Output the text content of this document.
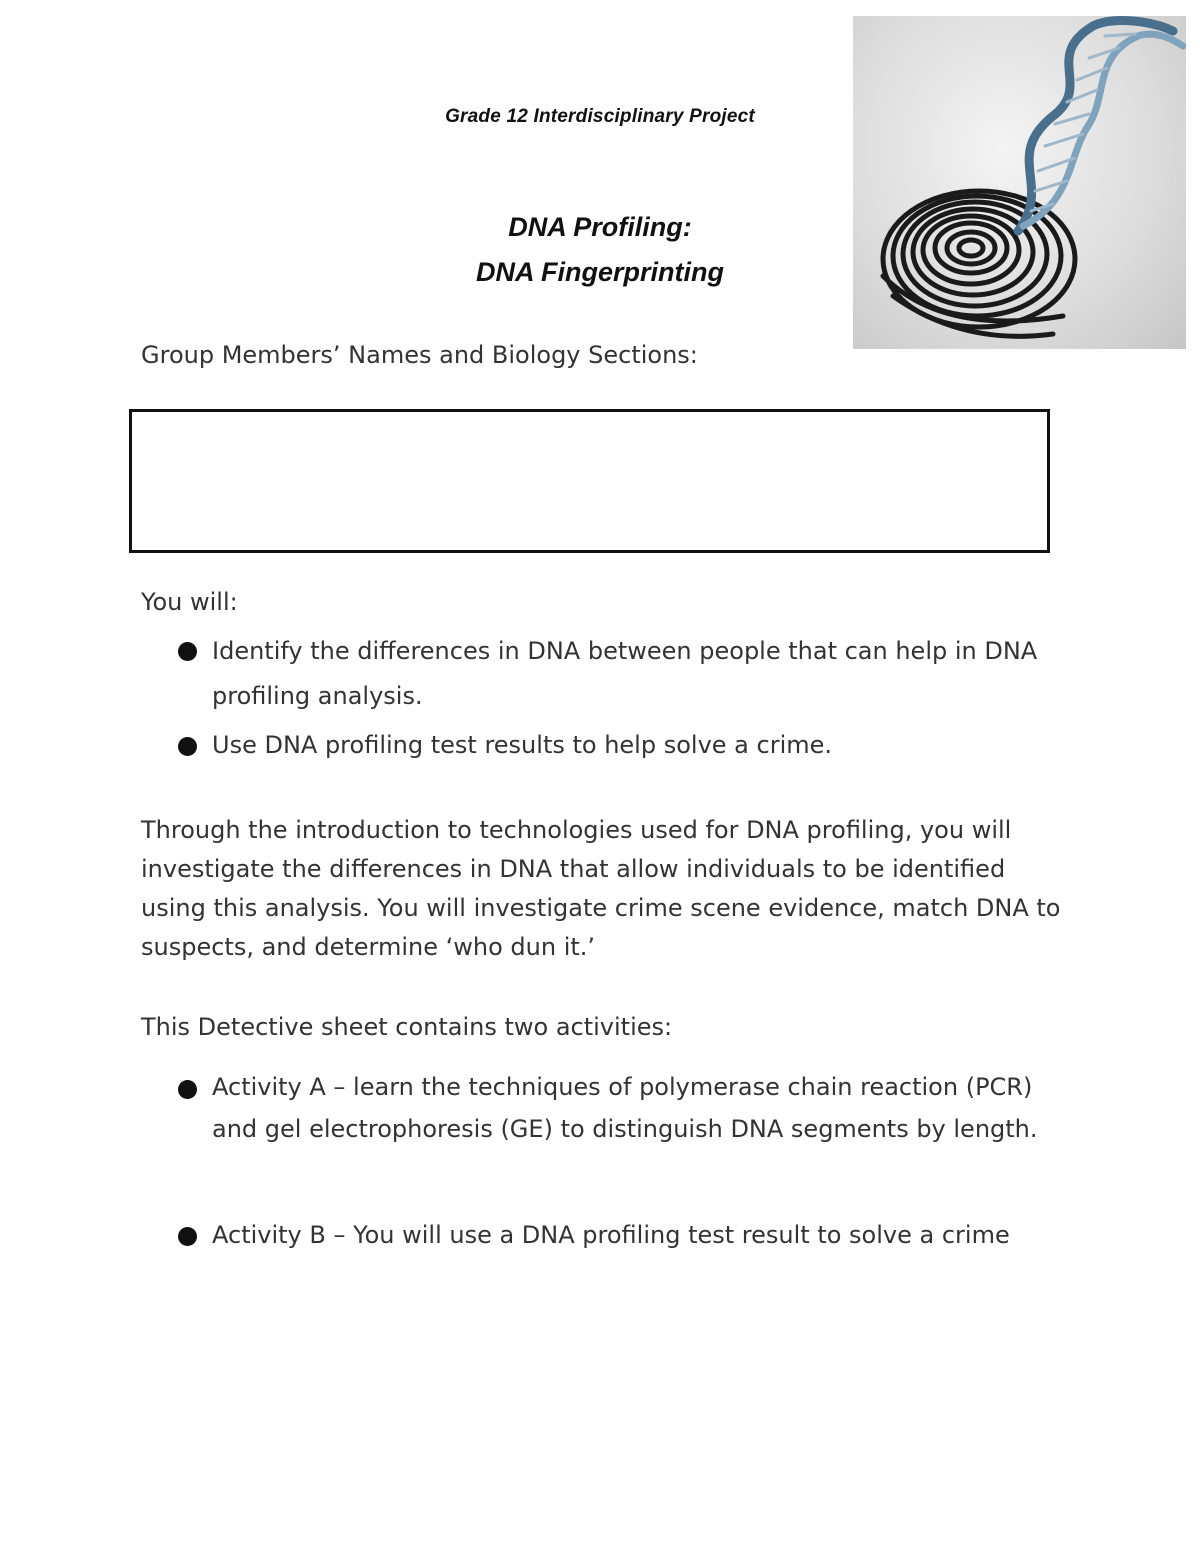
Grade 12 Interdisciplinary Project
DNA Profiling:
DNA Fingerprinting
Group Members’ Names and Biology Sections:
You will:
Identify the differences in DNA between people that can help in DNA profiling analysis.
Use DNA profiling test results to help solve a crime.
Through the introduction to technologies used for DNA profiling, you will investigate the differences in DNA that allow individuals to be identified using this analysis. You will investigate crime scene evidence, match DNA to suspects, and determine ‘who dun it.’
This Detective sheet contains two activities:
Activity A – learn the techniques of polymerase chain reaction (PCR) and gel electrophoresis (GE) to distinguish DNA segments by length.
Activity B – You will use a DNA profiling test result to solve a crime
